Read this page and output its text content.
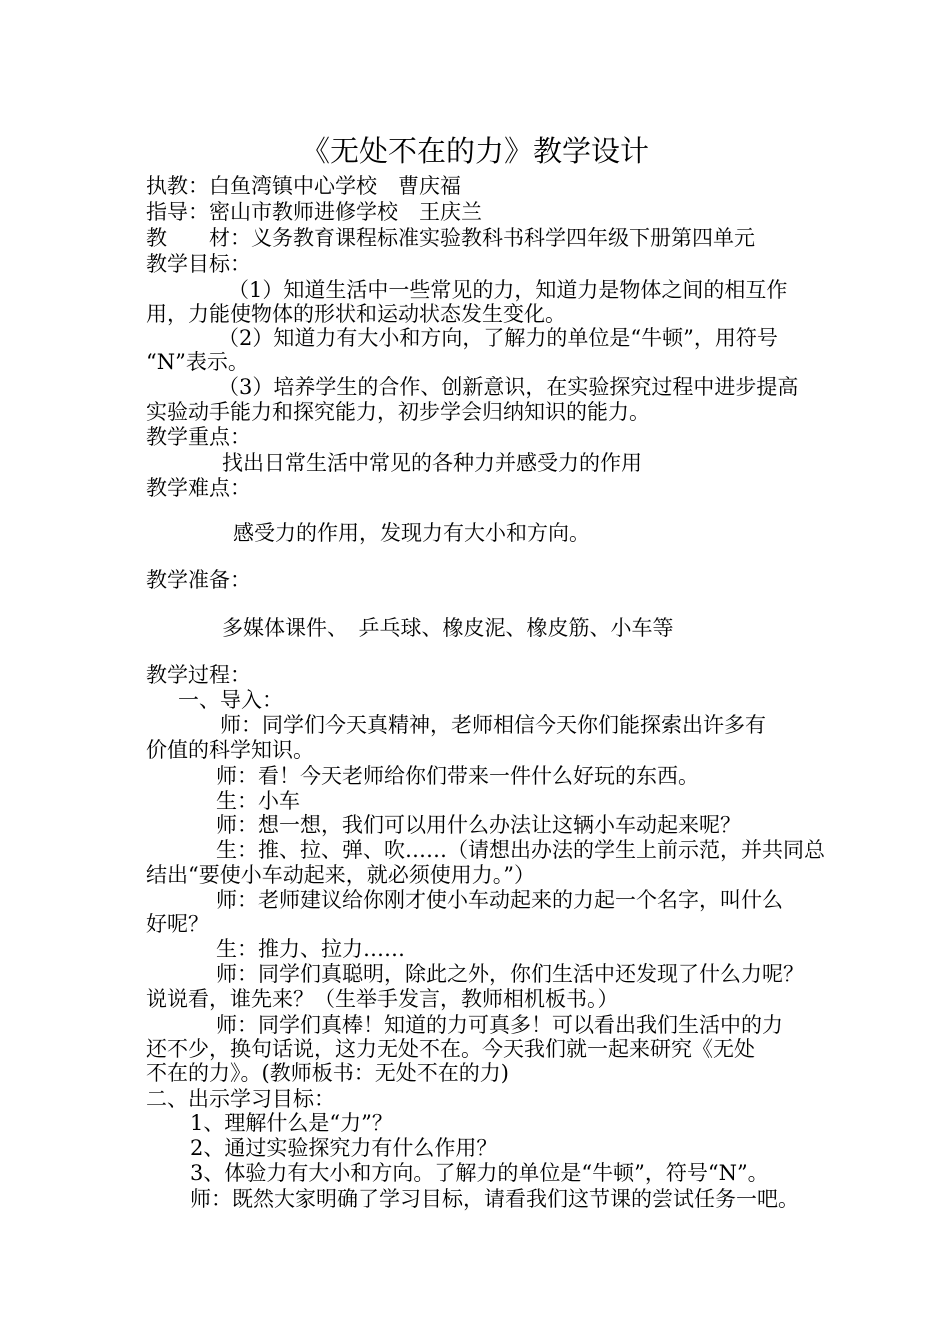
《无处不在的力》教学设计
执教：白鱼湾镇中心学校　曹庆福
指导：密山市教师进修学校　王庆兰
教　　材：义务教育课程标准实验教科书科学四年级下册第四单元
教学目标：
（1）知道生活中一些常见的力，知道力是物体之间的相互作
用，力能使物体的形状和运动状态发生变化。
（2）知道力有大小和方向，了解力的单位是“牛顿”，用符号
“N”表示。
（3）培养学生的合作、创新意识，在实验探究过程中进步提高
实验动手能力和探究能力，初步学会归纳知识的能力。
教学重点：
找出日常生活中常见的各种力并感受力的作用
教学难点：
感受力的作用，发现力有大小和方向。
教学准备：
多媒体课件、　乒乓球、橡皮泥、橡皮筋、小车等
教学过程：
一、导入：
师：同学们今天真精神，老师相信今天你们能探索出许多有
价值的科学知识。
师：看！今天老师给你们带来一件什么好玩的东西。
生：小车
师：想一想，我们可以用什么办法让这辆小车动起来呢？
生：推、拉、弹、吹……（请想出办法的学生上前示范，并共同总
结出“要使小车动起来，就必须使用力。”）
师：老师建议给你刚才使小车动起来的力起一个名字，叫什么
好呢？
生：推力、拉力……
师：同学们真聪明，除此之外，你们生活中还发现了什么力呢？
说说看，谁先来？（生举手发言，教师相机板书。）
师：同学们真棒！知道的力可真多！可以看出我们生活中的力
还不少，换句话说，这力无处不在。今天我们就一起来研究《无处
不在的力》。(教师板书：无处不在的力)
二、出示学习目标：
1、理解什么是“力”？
2、通过实验探究力有什么作用？
3、体验力有大小和方向。了解力的单位是“牛顿”，符号“N”。
师：既然大家明确了学习目标，请看我们这节课的尝试任务一吧。
